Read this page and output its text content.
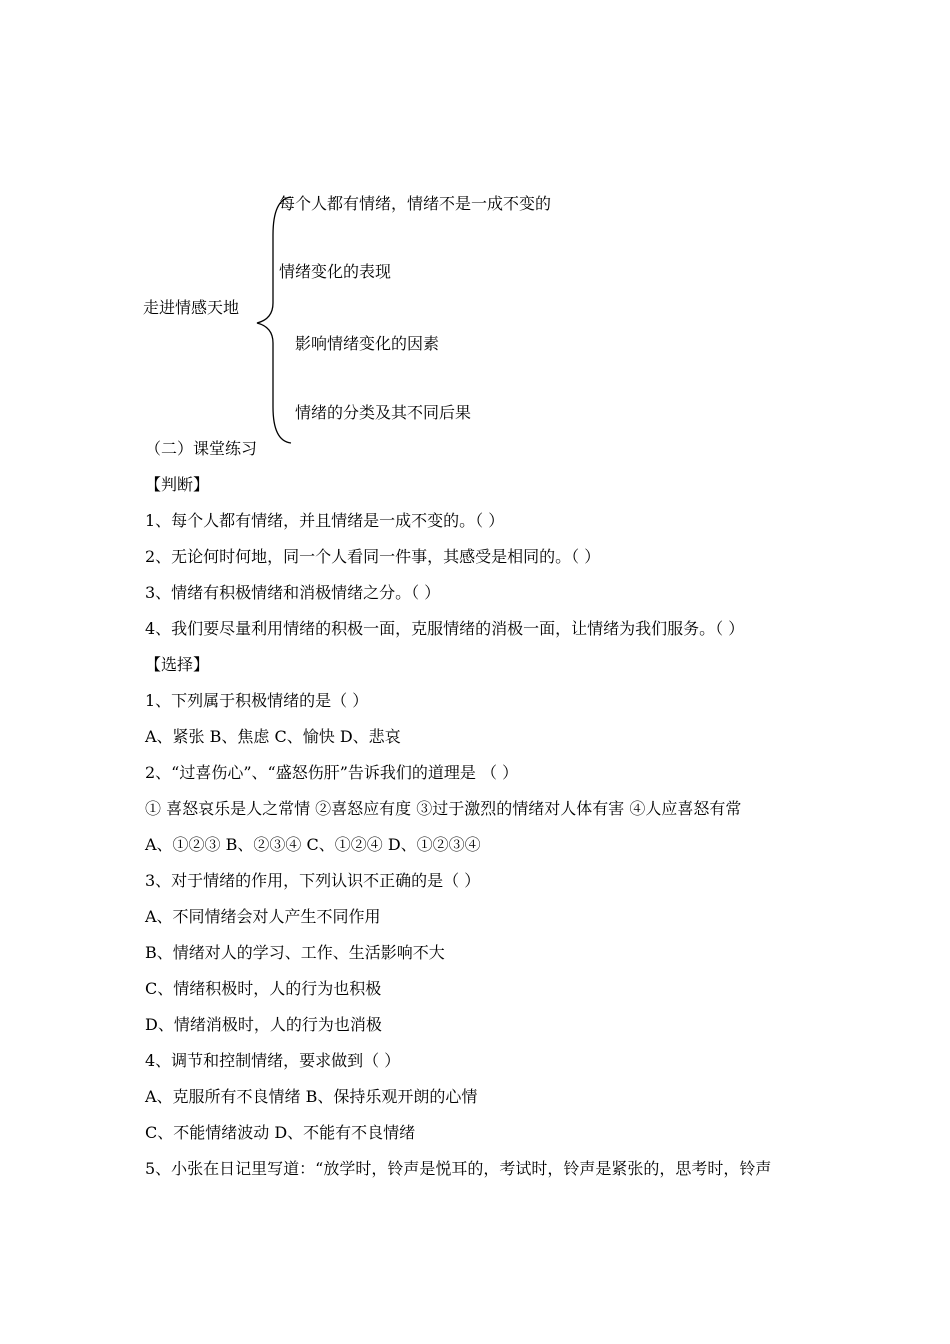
走进情感天地

每个人都有情绪，情绪不是一成不变的

情绪变化的表现

影响情绪变化的因素

情绪的分类及其不同后果

（二）课堂练习

【判断】

1、每个人都有情绪，并且情绪是一成不变的。（ ）

2、无论何时何地，同一个人看同一件事，其感受是相同的。（ ）

3、情绪有积极情绪和消极情绪之分。（ ）

4、我们要尽量利用情绪的积极一面，克服情绪的消极一面，让情绪为我们服务。（ ）

【选择】

1、下列属于积极情绪的是（ ）

A、紧张 B、焦虑 C、愉快 D、悲哀

2、“过喜伤心”、“盛怒伤肝”告诉我们的道理是 （ ）

① 喜怒哀乐是人之常情 ②喜怒应有度 ③过于激烈的情绪对人体有害 ④人应喜怒有常

A、①②③ B、②③④ C、①②④ D、①②③④

3、对于情绪的作用，下列认识不正确的是（ ）

A、不同情绪会对人产生不同作用

B、情绪对人的学习、工作、生活影响不大

C、情绪积极时，人的行为也积极

D、情绪消极时，人的行为也消极

4、调节和控制情绪，要求做到（ ）

A、克服所有不良情绪 B、保持乐观开朗的心情

C、不能情绪波动 D、不能有不良情绪

5、小张在日记里写道：“放学时，铃声是悦耳的，考试时，铃声是紧张的，思考时，铃声
